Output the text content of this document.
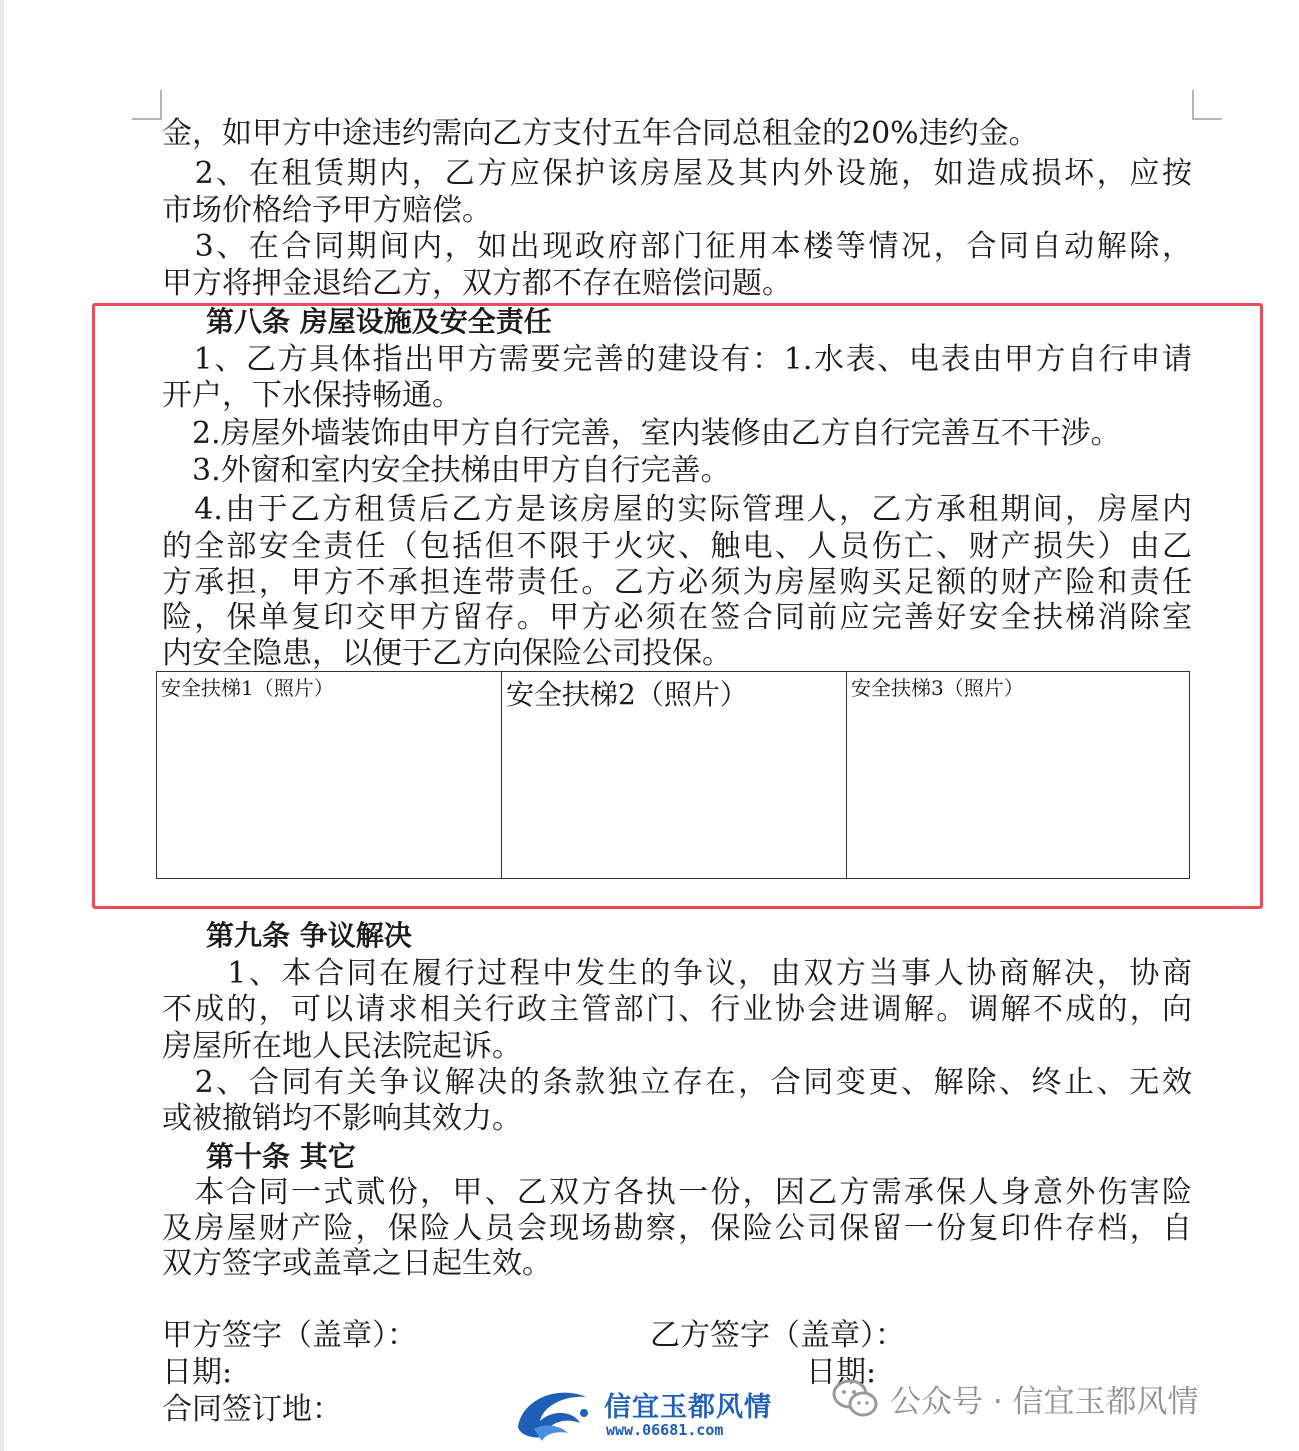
金，如甲方中途违约需向乙方支付五年合同总租金的20%违约金。
　2、在租赁期内，乙方应保护该房屋及其内外设施，如造成损坏，应按
市场价格给予甲方赔偿。
　3、在合同期间内，如出现政府部门征用本楼等情况，合同自动解除，
甲方将押金退给乙方，双方都不存在赔偿问题。
第八条 房屋设施及安全责任
　1、乙方具体指出甲方需要完善的建设有：1.水表、电表由甲方自行申请
开户，下水保持畅通。
　2.房屋外墙装饰由甲方自行完善，室内装修由乙方自行完善互不干涉。
　3.外窗和室内安全扶梯由甲方自行完善。
　4.由于乙方租赁后乙方是该房屋的实际管理人，乙方承租期间，房屋内
的全部安全责任（包括但不限于火灾、触电、人员伤亡、财产损失）由乙
方承担，甲方不承担连带责任。乙方必须为房屋购买足额的财产险和责任
险，保单复印交甲方留存。甲方必须在签合同前应完善好安全扶梯消除室
内安全隐患，以便于乙方向保险公司投保。
安全扶梯1（照片）	安全扶梯2（照片）	安全扶梯3（照片）
第九条 争议解决
　　1、本合同在履行过程中发生的争议，由双方当事人协商解决，协商
不成的，可以请求相关行政主管部门、行业协会进调解。调解不成的，向
房屋所在地人民法院起诉。
　2、合同有关争议解决的条款独立存在，合同变更、解除、终止、无效
或被撤销均不影响其效力。
第十条 其它
　本合同一式贰份，甲、乙双方各执一份，因乙方需承保人身意外伤害险
及房屋财产险，保险人员会现场勘察，保险公司保留一份复印件存档，自
双方签字或盖章之日起生效。
甲方签字（盖章）：	乙方签字（盖章）：
日期:	日期:
合同签订地：	信宜玉都风情
www.06681.com
公众号 · 信宜玉都风情
